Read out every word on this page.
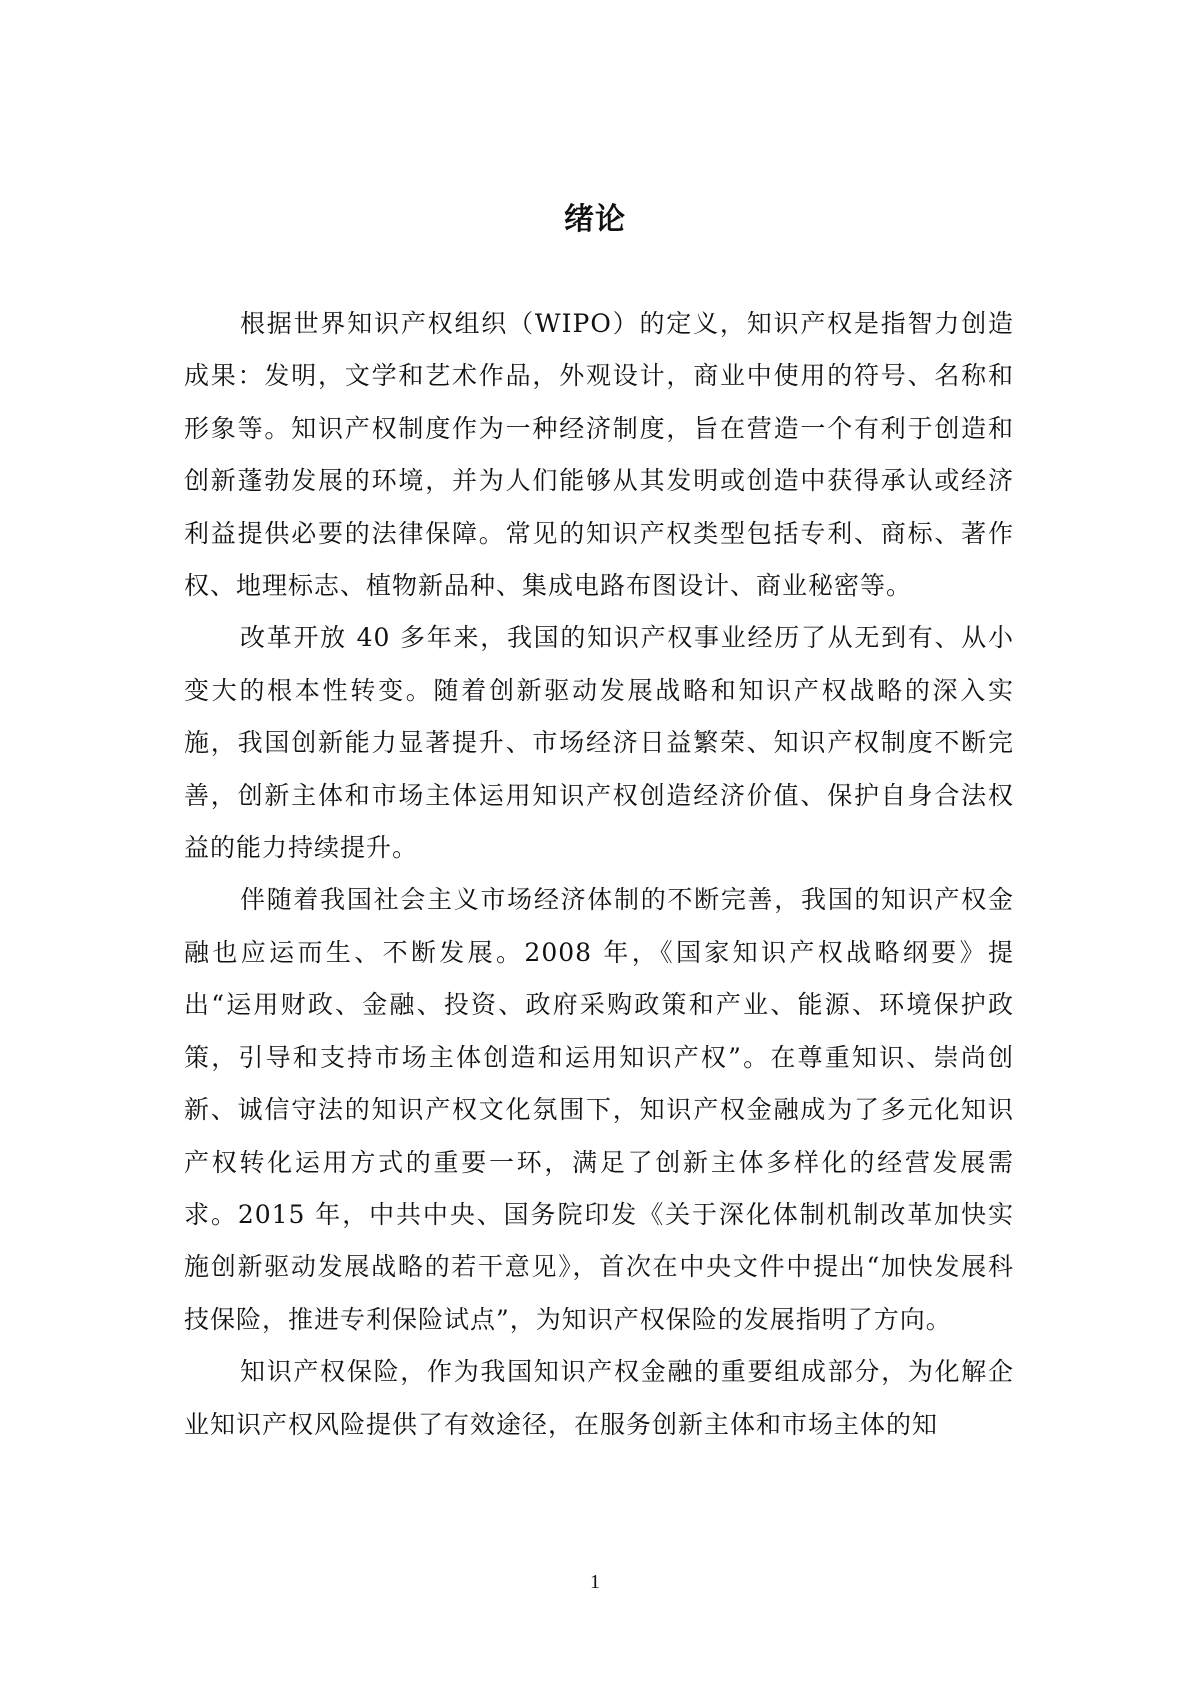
绪论

根据世界知识产权组织（WIPO）的定义，知识产权是指智力创造成果：发明，文学和艺术作品，外观设计，商业中使用的符号、名称和形象等。知识产权制度作为一种经济制度，旨在营造一个有利于创造和创新蓬勃发展的环境，并为人们能够从其发明或创造中获得承认或经济利益提供必要的法律保障。常见的知识产权类型包括专利、商标、著作权、地理标志、植物新品种、集成电路布图设计、商业秘密等。

改革开放 40 多年来，我国的知识产权事业经历了从无到有、从小变大的根本性转变。随着创新驱动发展战略和知识产权战略的深入实施，我国创新能力显著提升、市场经济日益繁荣、知识产权制度不断完善，创新主体和市场主体运用知识产权创造经济价值、保护自身合法权益的能力持续提升。

伴随着我国社会主义市场经济体制的不断完善，我国的知识产权金融也应运而生、不断发展。2008 年，《国家知识产权战略纲要》提出“运用财政、金融、投资、政府采购政策和产业、能源、环境保护政策，引导和支持市场主体创造和运用知识产权”。在尊重知识、崇尚创新、诚信守法的知识产权文化氛围下，知识产权金融成为了多元化知识产权转化运用方式的重要一环，满足了创新主体多样化的经营发展需求。2015 年，中共中央、国务院印发《关于深化体制机制改革加快实施创新驱动发展战略的若干意见》，首次在中央文件中提出“加快发展科技保险，推进专利保险试点”，为知识产权保险的发展指明了方向。

知识产权保险，作为我国知识产权金融的重要组成部分，为化解企业知识产权风险提供了有效途径，在服务创新主体和市场主体的知

1
